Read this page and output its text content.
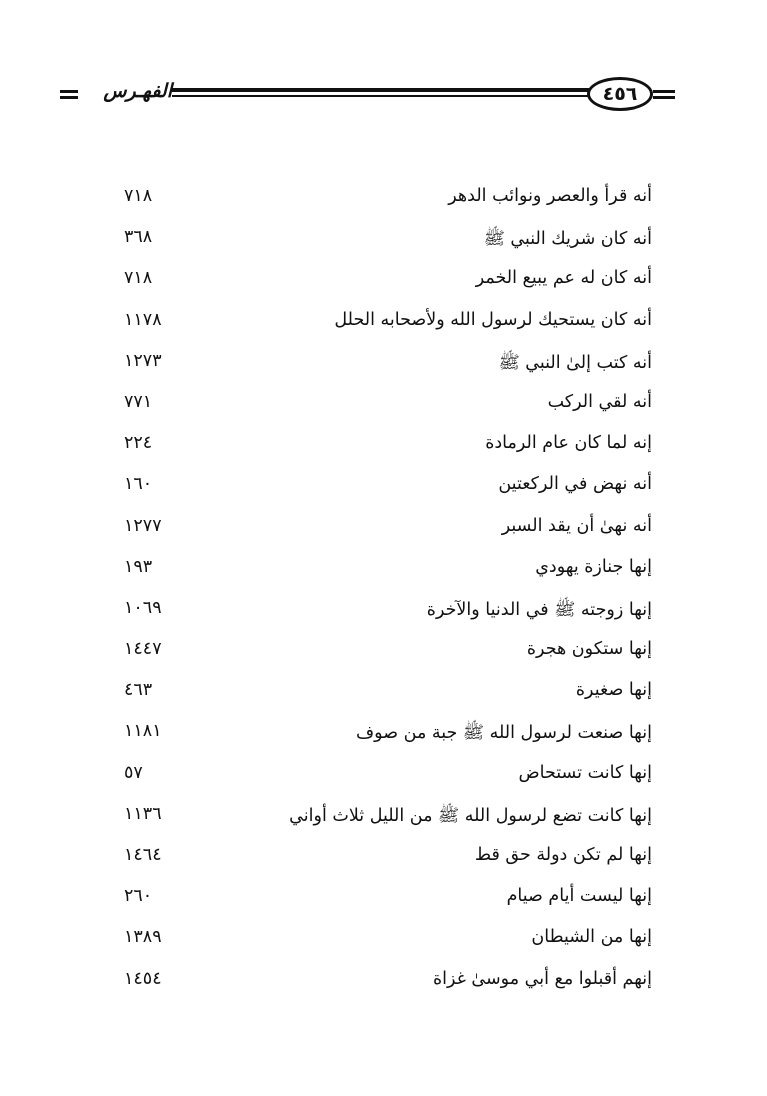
٤٥٦
الفهـرس
أنه قرأ والعصر ونوائب الدهر
٧١٨
أنه كان شريك النبي ﷺ
٣٦٨
أنه كان له عم يبيع الخمر
٧١٨
أنه كان يستحيك لرسول الله ولأصحابه الحلل
١١٧٨
أنه كتب إلىٰ النبي ﷺ
١٢٧٣
أنه لقي الركب
٧٧١
إنه لما كان عام الرمادة
٢٢٤
أنه نهض في الركعتين
١٦٠
أنه نهىٰ أن يقد السبر
١٢٧٧
إنها جنازة يهودي
١٩٣
إنها زوجته ﷺ في الدنيا والآخرة
١٠٦٩
إنها ستكون هجرة
١٤٤٧
إنها صغيرة
٤٦٣
إنها صنعت لرسول الله ﷺ جبة من صوف
١١٨١
إنها كانت تستحاض
٥٧
إنها كانت تضع لرسول الله ﷺ من الليل ثلاث أواني
١١٣٦
إنها لم تكن دولة حق قط
١٤٦٤
إنها ليست أيام صيام
٢٦٠
إنها من الشيطان
١٣٨٩
إنهم أقبلوا مع أبي موسىٰ غزاة
١٤٥٤
